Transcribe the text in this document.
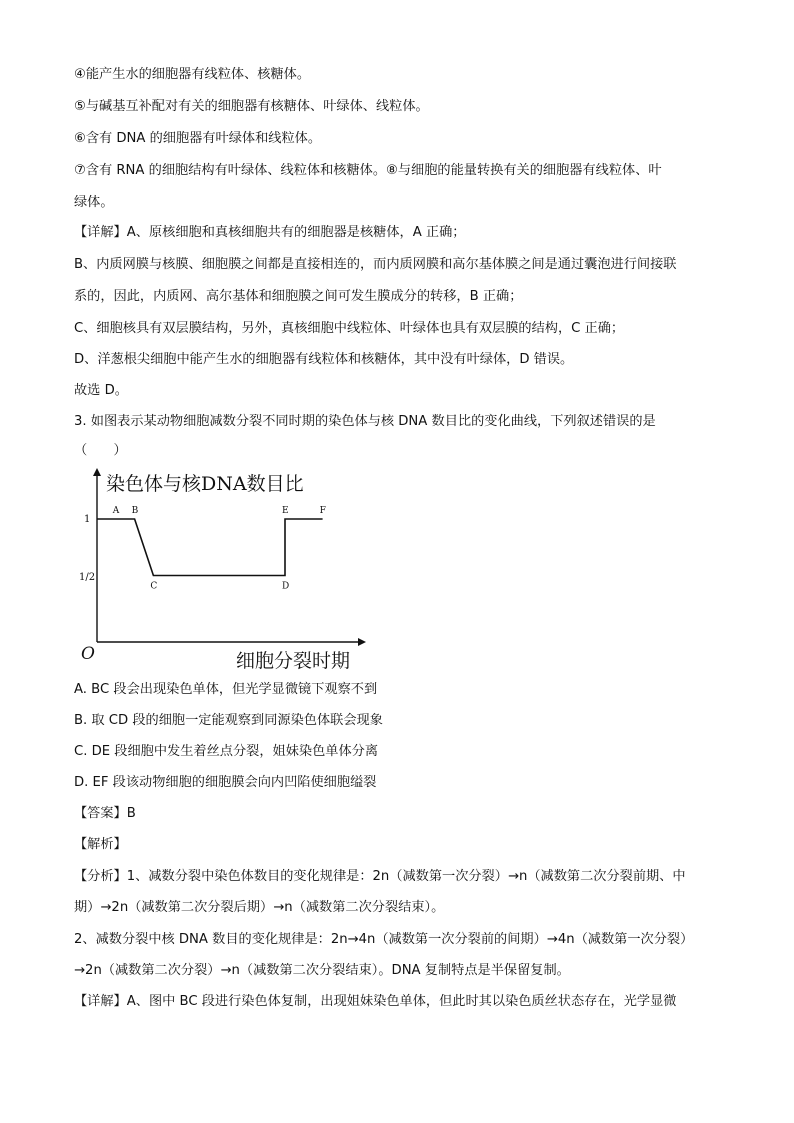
④能产生水的细胞器有线粒体、核糖体。
⑤与碱基互补配对有关的细胞器有核糖体、叶绿体、线粒体。
⑥含有 DNA 的细胞器有叶绿体和线粒体。
⑦含有 RNA 的细胞结构有叶绿体、线粒体和核糖体。⑧与细胞的能量转换有关的细胞器有线粒体、叶
绿体。
【详解】A、原核细胞和真核细胞共有的细胞器是核糖体，A 正确；
B、内质网膜与核膜、细胞膜之间都是直接相连的，而内质网膜和高尔基体膜之间是通过囊泡进行间接联
系的，因此，内质网、高尔基体和细胞膜之间可发生膜成分的转移，B 正确；
C、细胞核具有双层膜结构，另外，真核细胞中线粒体、叶绿体也具有双层膜的结构，C 正确；
D、洋葱根尖细胞中能产生水的细胞器有线粒体和核糖体，其中没有叶绿体，D 错误。
故选 D。
3. 如图表示某动物细胞减数分裂不同时期的染色体与核 DNA 数目比的变化曲线，下列叙述错误的是
（　　）
染色体与核DNA数目比
细胞分裂时期
O
1
1/2
A B
C	D
E	F
A. BC 段会出现染色单体，但光学显微镜下观察不到
B. 取 CD 段的细胞一定能观察到同源染色体联会现象
C. DE 段细胞中发生着丝点分裂，姐妹染色单体分离
D. EF 段该动物细胞的细胞膜会向内凹陷使细胞缢裂
【答案】B
【解析】
【分析】1、减数分裂中染色体数目的变化规律是：2n（减数第一次分裂）→n（减数第二次分裂前期、中
期）→2n（减数第二次分裂后期）→n（减数第二次分裂结束）。
2、减数分裂中核 DNA 数目的变化规律是：2n→4n（减数第一次分裂前的间期）→4n（减数第一次分裂）
→2n（减数第二次分裂）→n（减数第二次分裂结束）。DNA 复制特点是半保留复制。
【详解】A、图中 BC 段进行染色体复制，出现姐妹染色单体，但此时其以染色质丝状态存在，光学显微
